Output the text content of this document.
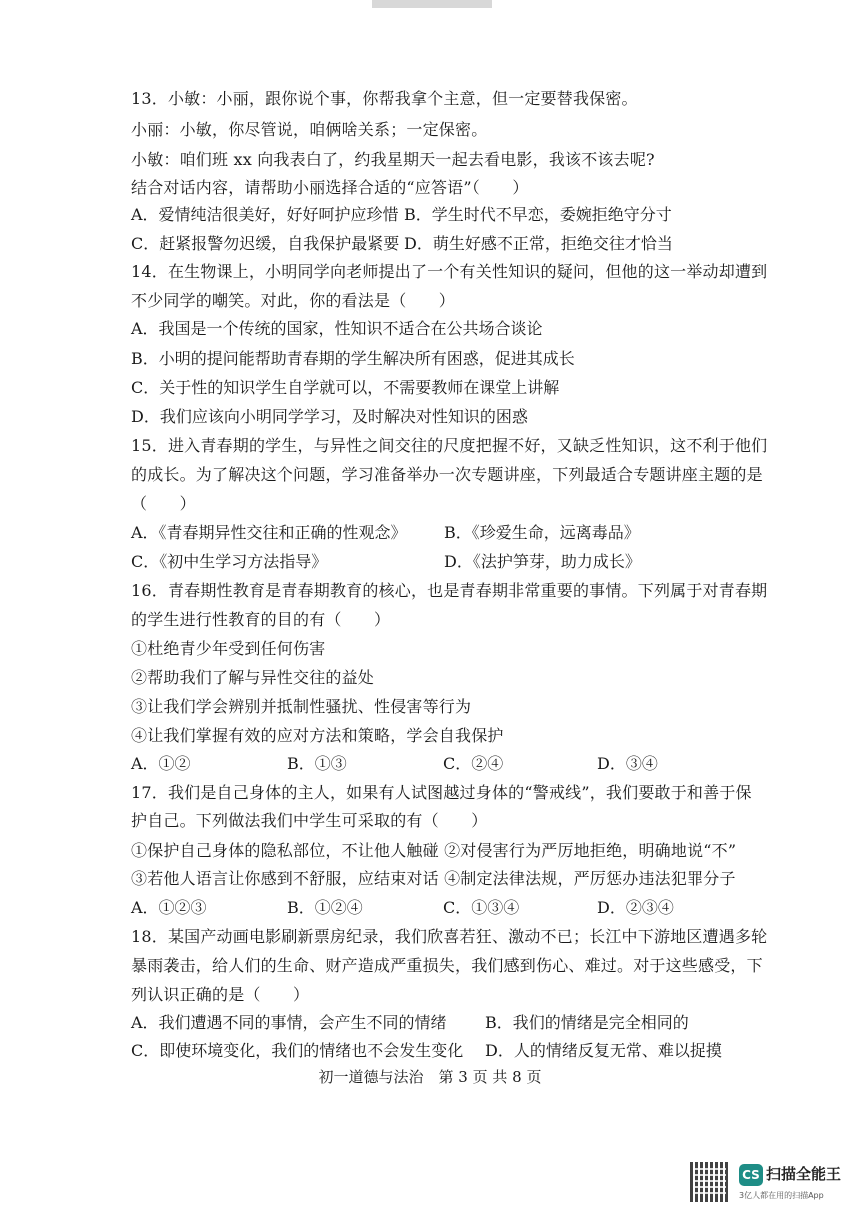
13．小敏：小丽，跟你说个事，你帮我拿个主意，但一定要替我保密。
小丽：小敏，你尽管说，咱俩啥关系；一定保密。
小敏：咱们班 xx 向我表白了，约我星期天一起去看电影，我该不该去呢?
结合对话内容，请帮助小丽选择合适的“应答语”（　　）
A．爱情纯洁很美好，好好呵护应珍惜 B．学生时代不早恋，委婉拒绝守分寸
C．赶紧报警勿迟缓，自我保护最紧要 D．萌生好感不正常，拒绝交往才恰当
14．在生物课上，小明同学向老师提出了一个有关性知识的疑问，但他的这一举动却遭到
不少同学的嘲笑。对此，你的看法是（　　）
A．我国是一个传统的国家，性知识不适合在公共场合谈论
B．小明的提问能帮助青春期的学生解决所有困惑，促进其成长
C．关于性的知识学生自学就可以，不需要教师在课堂上讲解
D．我们应该向小明同学学习，及时解决对性知识的困惑
15．进入青春期的学生，与异性之间交往的尺度把握不好，又缺乏性知识，这不利于他们
的成长。为了解决这个问题，学习准备举办一次专题讲座，下列最适合专题讲座主题的是
（　　）
A．《青春期异性交往和正确的性观念》 B．《珍爱生命，远离毒品》
C．《初中生学习方法指导》	D．《法护笋芽，助力成长》
16．青春期性教育是青春期教育的核心，也是青春期非常重要的事情。下列属于对青春期
的学生进行性教育的目的有（　　）
①杜绝青少年受到任何伤害
②帮助我们了解与异性交往的益处
③让我们学会辨别并抵制性骚扰、性侵害等行为
④让我们掌握有效的应对方法和策略，学会自我保护
A．①②	B．①③	C．②④	D．③④
17．我们是自己身体的主人，如果有人试图越过身体的“警戒线”，我们要敢于和善于保
护自己。下列做法我们中学生可采取的有（　　）
①保护自己身体的隐私部位，不让他人触碰 ②对侵害行为严厉地拒绝，明确地说“不”
③若他人语言让你感到不舒服，应结束对话 ④制定法律法规，严厉惩办违法犯罪分子
A．①②③	B．①②④	C．①③④	D．②③④
18．某国产动画电影刷新票房纪录，我们欣喜若狂、激动不已；长江中下游地区遭遇多轮
暴雨袭击，给人们的生命、财产造成严重损失，我们感到伤心、难过。对于这些感受，下
列认识正确的是（　　）
A．我们遭遇不同的事情，会产生不同的情绪 B．我们的情绪是完全相同的
C．即使环境变化，我们的情绪也不会发生变化 D．人的情绪反复无常、难以捉摸
初一道德与法治　第 3 页 共 8 页
CS 扫描全能王
3亿人都在用的扫描App
